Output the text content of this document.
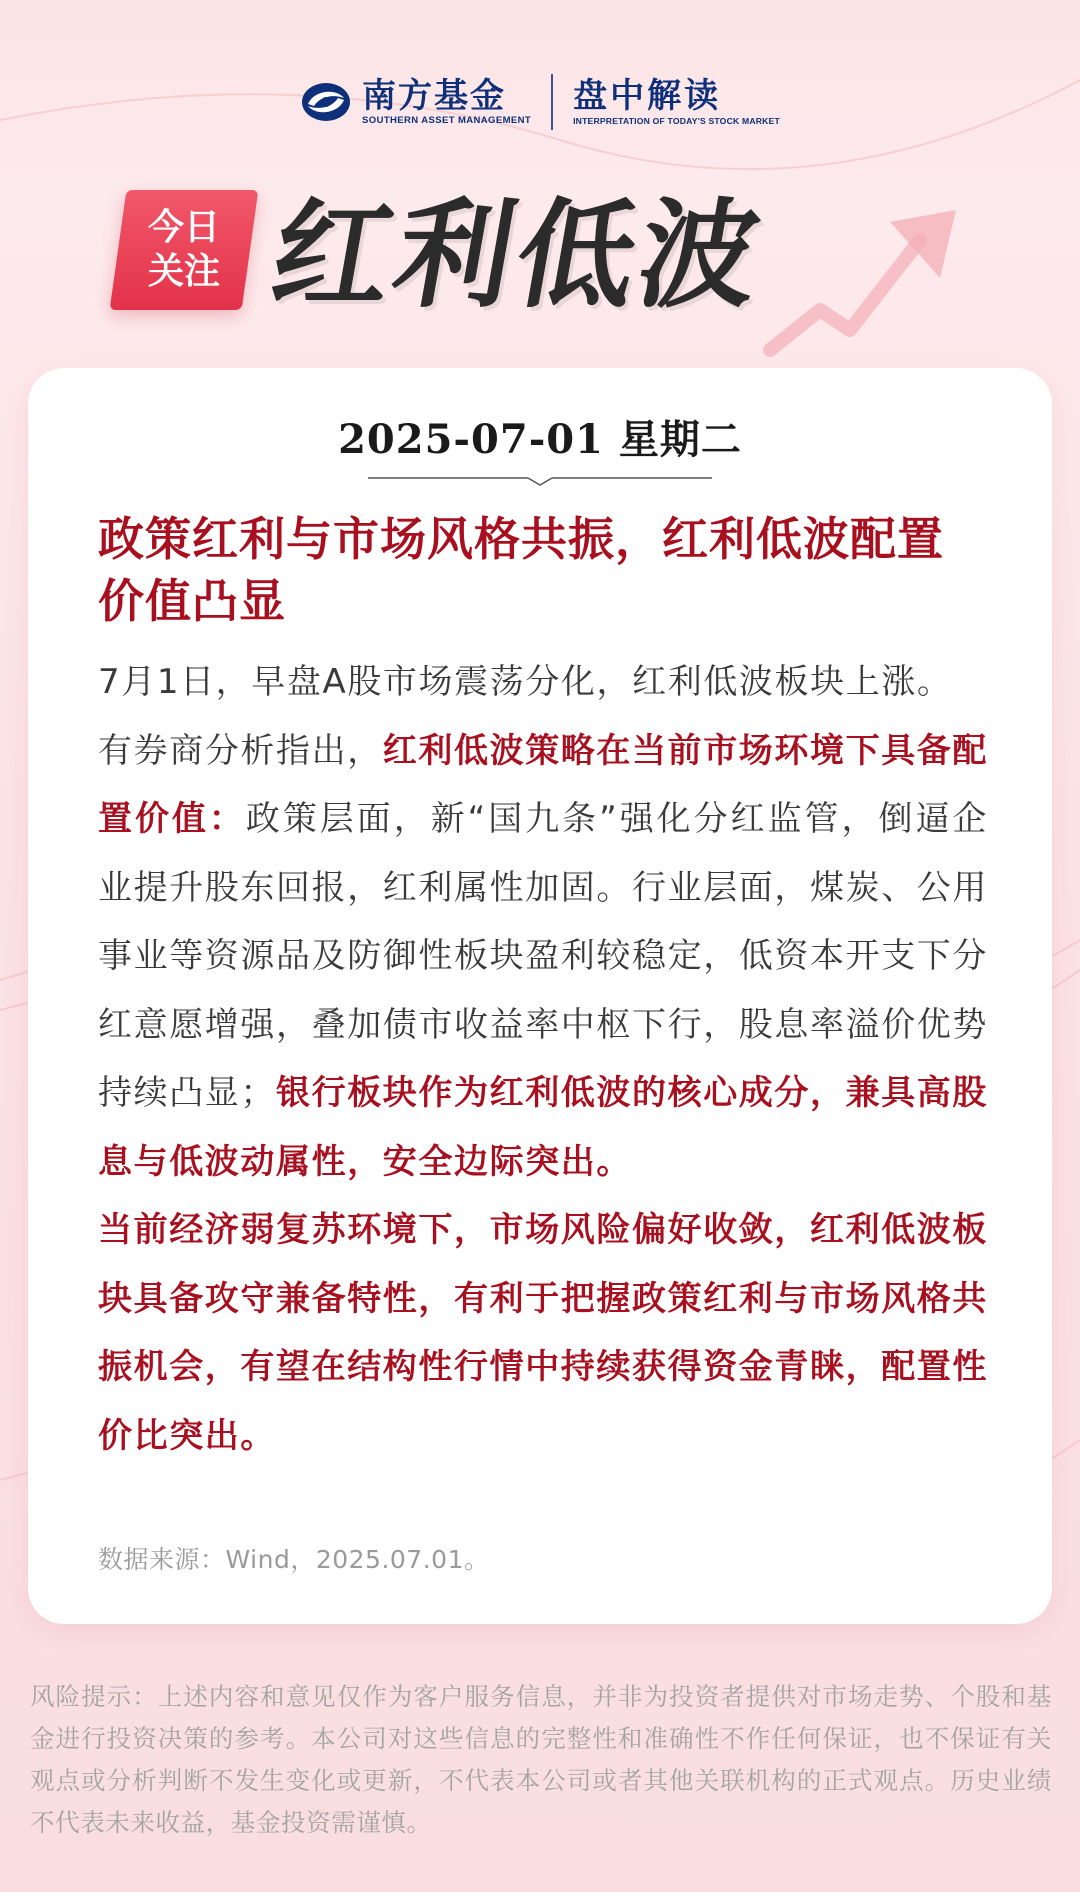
南方基金
SOUTHERN ASSET MANAGEMENT
盘中解读
INTERPRETATION OF TODAY'S STOCK MARKET
今日
关注 红利低波
2025-07-01 星期二
政策红利与市场风格共振，红利低波配置价值凸显

7月1日，早盘A股市场震荡分化，红利低波板块上涨。

有券商分析指出，红利低波策略在当前市场环境下具备配置价值：政策层面，新“国九条”强化分红监管，倒逼企业提升股东回报，红利属性加固。行业层面，煤炭、公用事业等资源品及防御性板块盈利较稳定，低资本开支下分红意愿增强，叠加债市收益率中枢下行，股息率溢价优势持续凸显；银行板块作为红利低波的核心成分，兼具高股息与低波动属性，安全边际突出。

当前经济弱复苏环境下，市场风险偏好收敛，红利低波板块具备攻守兼备特性，有利于把握政策红利与市场风格共振机会，有望在结构性行情中持续获得资金青睐，配置性价比突出。

数据来源：Wind，2025.07.01。
风险提示：上述内容和意见仅作为客户服务信息，并非为投资者提供对市场走势、个股和基金进行投资决策的参考。本公司对这些信息的完整性和准确性不作任何保证，也不保证有关观点或分析判断不发生变化或更新，不代表本公司或者其他关联机构的正式观点。历史业绩不代表未来收益，基金投资需谨慎。
